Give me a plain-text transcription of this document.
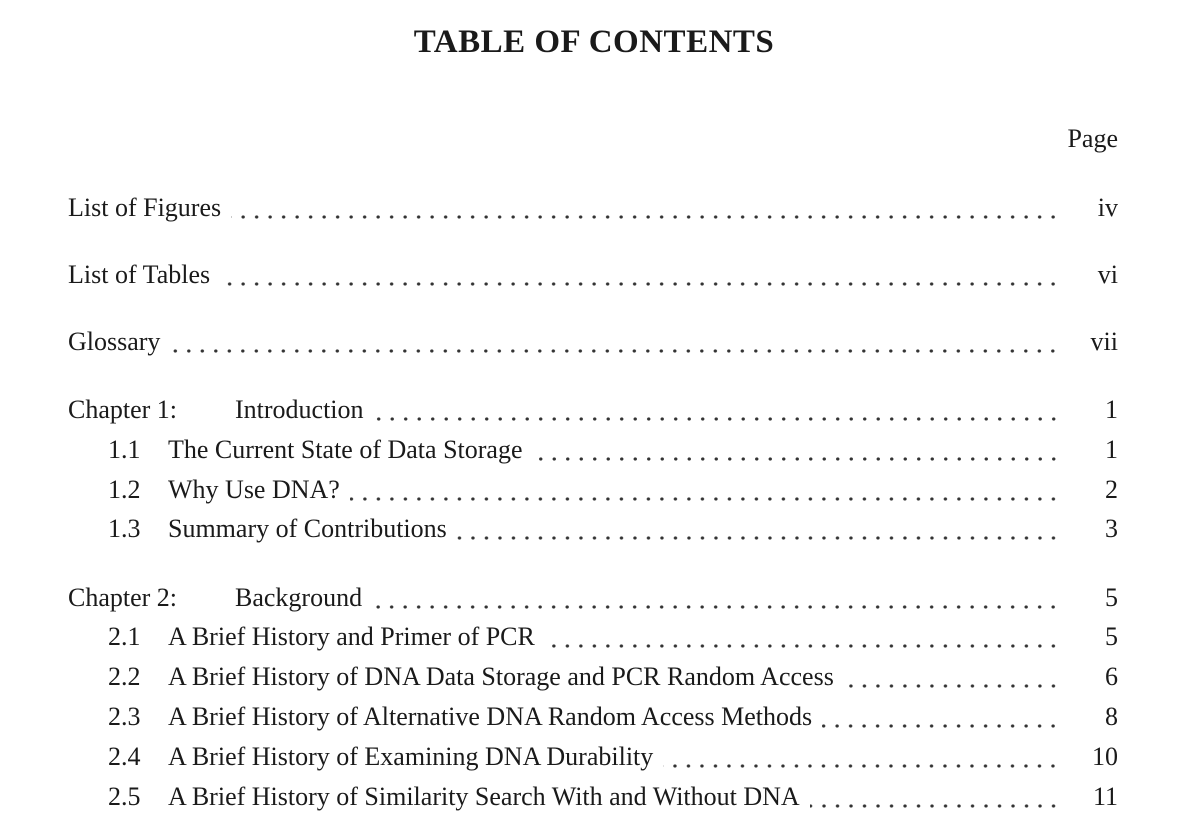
TABLE OF CONTENTS
Page
List of Figures	iv
List of Tables	vi
Glossary	vii
Chapter 1:	Introduction	1
1.1	The Current State of Data Storage	1
1.2	Why Use DNA?	2
1.3	Summary of Contributions	3
Chapter 2:	Background	5
2.1	A Brief History and Primer of PCR	5
2.2	A Brief History of DNA Data Storage and PCR Random Access	6
2.3	A Brief History of Alternative DNA Random Access Methods	8
2.4	A Brief History of Examining DNA Durability	10
2.5	A Brief History of Similarity Search With and Without DNA	11
